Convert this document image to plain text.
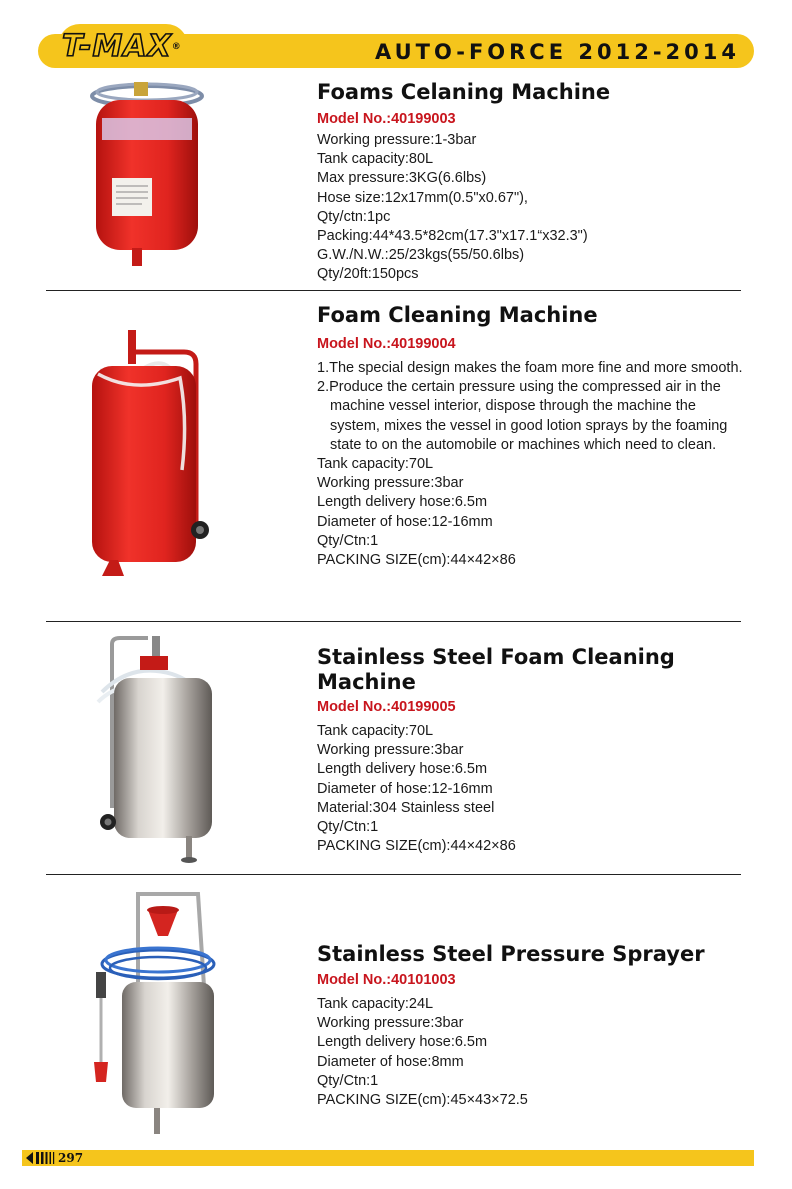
T-MAX®	AUTO-FORCE 2012-2014
Foams Celaning Machine
Model No.:40199003
Working pressure:1-3bar
Tank capacity:80L
Max pressure:3KG(6.6lbs)
Hose size:12x17mm(0.5"x0.67"),
Qty/ctn:1pc
Packing:44*43.5*82cm(17.3"x17.1“x32.3")
G.W./N.W.:25/23kgs(55/50.6lbs)
Qty/20ft:150pcs
Foam Cleaning Machine
Model No.:40199004
1.The special design makes the foam more fine and more smooth.
2.Produce the certain pressure using the compressed air in the machine vessel interior, dispose through the machine the system, mixes the vessel in good lotion sprays by the foaming state to on the automobile or machines which need to clean.
Tank capacity:70L
Working pressure:3bar
Length delivery hose:6.5m
Diameter of hose:12-16mm
Qty/Ctn:1
PACKING SIZE(cm):44×42×86
Stainless Steel Foam Cleaning Machine
Model No.:40199005
Tank capacity:70L
Working pressure:3bar
Length delivery hose:6.5m
Diameter of hose:12-16mm
Material:304 Stainless steel
Qty/Ctn:1
PACKING SIZE(cm):44×42×86
Stainless Steel Pressure Sprayer
Model No.:40101003
Tank capacity:24L
Working pressure:3bar
Length delivery hose:6.5m
Diameter of hose:8mm
Qty/Ctn:1
PACKING SIZE(cm):45×43×72.5
297
